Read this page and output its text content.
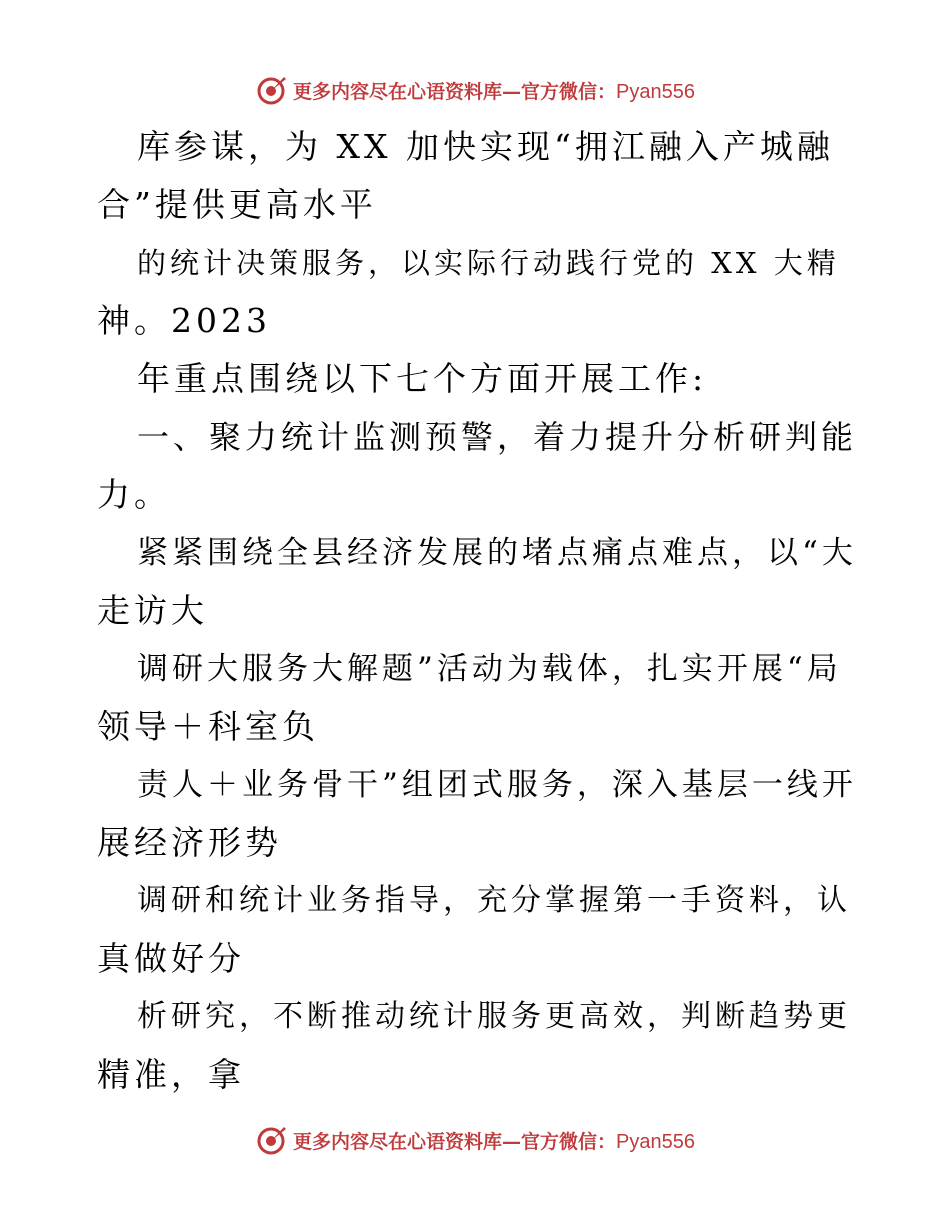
更多内容尽在心语资料库—官方微信：Pyan556
库参谋，为 XX 加快实现“拥江融入产城融
合”提供更高水平
的统计决策服务，以实际行动践行党的 XX 大精
神。2023
年重点围绕以下七个方面开展工作:
一、聚力统计监测预警，着力提升分析研判能
力。
紧紧围绕全县经济发展的堵点痛点难点，以“大
走访大
调研大服务大解题”活动为载体，扎实开展“局
领导＋科室负
责人＋业务骨干”组团式服务，深入基层一线开
展经济形势
调研和统计业务指导，充分掌握第一手资料，认
真做好分
析研究，不断推动统计服务更高效，判断趋势更
精准，拿
更多内容尽在心语资料库—官方微信：Pyan556
